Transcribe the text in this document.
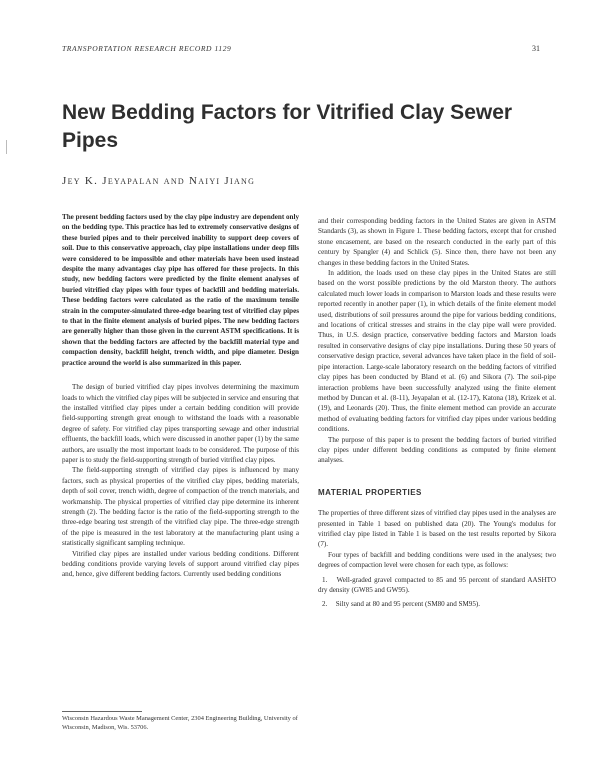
TRANSPORTATION RESEARCH RECORD 1129	31
New Bedding Factors for Vitrified Clay Sewer Pipes
Jey K. Jeyapalan and Naiyi Jiang

The present bedding factors used by the clay pipe industry are dependent only on the bedding type. This practice has led to extremely conservative designs of these buried pipes and to their perceived inability to support deep covers of soil. Due to this conservative approach, clay pipe installations under deep fills were considered to be impossible and other materials have been used instead despite the many advantages clay pipe has offered for these projects. In this study, new bedding factors were predicted by the finite element analyses of buried vitrified clay pipes with four types of backfill and bedding materials. These bedding factors were calculated as the ratio of the maximum tensile strain in the computer-simulated three-edge bearing test of vitrified clay pipes to that in the finite element analysis of buried pipes. The new bedding factors are generally higher than those given in the current ASTM specifications. It is shown that the bedding factors are affected by the backfill material type and compaction density, backfill height, trench width, and pipe diameter. Design practice around the world is also summarized in this paper.

The design of buried vitrified clay pipes involves determining the maximum loads to which the vitrified clay pipes will be subjected in service and ensuring that the installed vitrified clay pipes under a certain bedding condition will provide field-supporting strength great enough to withstand the loads with a reasonable degree of safety. For vitrified clay pipes transporting sewage and other industrial effluents, the backfill loads, which were discussed in another paper (1) by the same authors, are usually the most important loads to be considered. The purpose of this paper is to study the field-supporting strength of buried vitrified clay pipes.

The field-supporting strength of vitrified clay pipes is influenced by many factors, such as physical properties of the vitrified clay pipes, bedding materials, depth of soil cover, trench width, degree of compaction of the trench materials, and workmanship. The physical properties of vitrified clay pipe determine its inherent strength (2). The bedding factor is the ratio of the field-supporting strength to the three-edge bearing test strength of the vitrified clay pipe. The three-edge strength of the pipe is measured in the test laboratory at the manufacturing plant using a statistically significant sampling technique.

Vitrified clay pipes are installed under various bedding conditions. Different bedding conditions provide varying levels of support around vitrified clay pipes and, hence, give different bedding factors. Currently used bedding conditions

and their corresponding bedding factors in the United States are given in ASTM Standards (3), as shown in Figure 1. These bedding factors, except that for crushed stone encasement, are based on the research conducted in the early part of this century by Spangler (4) and Schlick (5). Since then, there have not been any changes in these bedding factors in the United States.

In addition, the loads used on these clay pipes in the United States are still based on the worst possible predictions by the old Marston theory. The authors calculated much lower loads in comparison to Marston loads and these results were reported recently in another paper (1), in which details of the finite element model used, distributions of soil pressures around the pipe for various bedding conditions, and locations of critical stresses and strains in the clay pipe wall were provided. Thus, in U.S. design practice, conservative bedding factors and Marston loads resulted in conservative designs of clay pipe installations. During these 50 years of conservative design practice, several advances have taken place in the field of soil-pipe interaction. Large-scale laboratory research on the bedding factors of vitrified clay pipes has been conducted by Bland et al. (6) and Sikora (7). The soil-pipe interaction problems have been successfully analyzed using the finite element method by Duncan et al. (8-11), Jeyapalan et al. (12-17), Katona (18), Krizek et al. (19), and Leonards (20). Thus, the finite element method can provide an accurate method of evaluating bedding factors for vitrified clay pipes under various bedding conditions.

The purpose of this paper is to present the bedding factors of buried vitrified clay pipes under different bedding conditions as computed by finite element analyses.

MATERIAL PROPERTIES

The properties of three different sizes of vitrified clay pipes used in the analyses are presented in Table 1 based on published data (20). The Young's modulus for vitrified clay pipe listed in Table 1 is based on the test results reported by Sikora (7).

Four types of backfill and bedding conditions were used in the analyses; two degrees of compaction level were chosen for each type, as follows:

1. Well-graded gravel compacted to 85 and 95 percent of standard AASHTO dry density (GW85 and GW95).
2. Silty sand at 80 and 95 percent (SM80 and SM95).
Wisconsin Hazardous Waste Management Center, 2304 Engineering Building, University of Wisconsin, Madison, Wis. 53706.
